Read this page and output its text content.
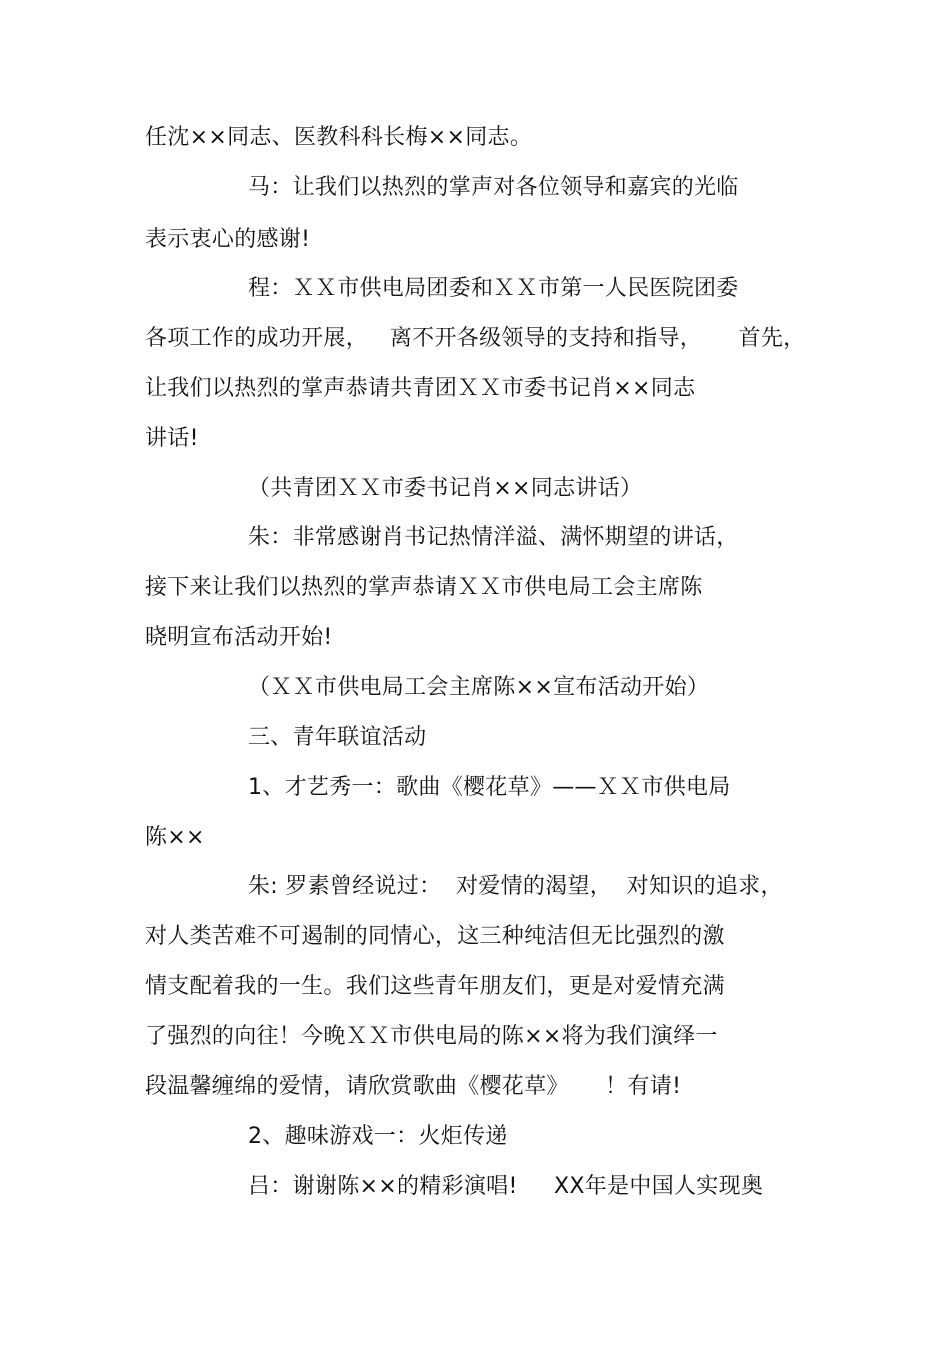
任沈××同志、医教科科长梅××同志。
马：让我们以热烈的掌声对各位领导和嘉宾的光临
表示衷心的感谢!
程：ＸＸ市供电局团委和ＸＸ市第一人民医院团委
各项工作的成功开展，   离不开各级领导的支持和指导，     首先，
让我们以热烈的掌声恭请共青团ＸＸ市委书记肖××同志
讲话!
（共青团ＸＸ市委书记肖××同志讲话）
朱：非常感谢肖书记热情洋溢、满怀期望的讲话，
接下来让我们以热烈的掌声恭请ＸＸ市供电局工会主席陈
晓明宣布活动开始!
（ＸＸ市供电局工会主席陈××宣布活动开始）
三、青年联谊活动
1、才艺秀一：歌曲《樱花草》——ＸＸ市供电局
陈××
朱: 罗素曾经说过：  对爱情的渴望，  对知识的追求，
对人类苦难不可遏制的同情心，这三种纯洁但无比强烈的激
情支配着我的一生。我们这些青年朋友们，更是对爱情充满
了强烈的向往！今晚ＸＸ市供电局的陈××将为我们演绎一
段温馨缠绵的爱情，请欣赏歌曲《樱花草》     ！有请!
2、趣味游戏一：火炬传递
吕：谢谢陈××的精彩演唱!     XX年是中国人实现奥
